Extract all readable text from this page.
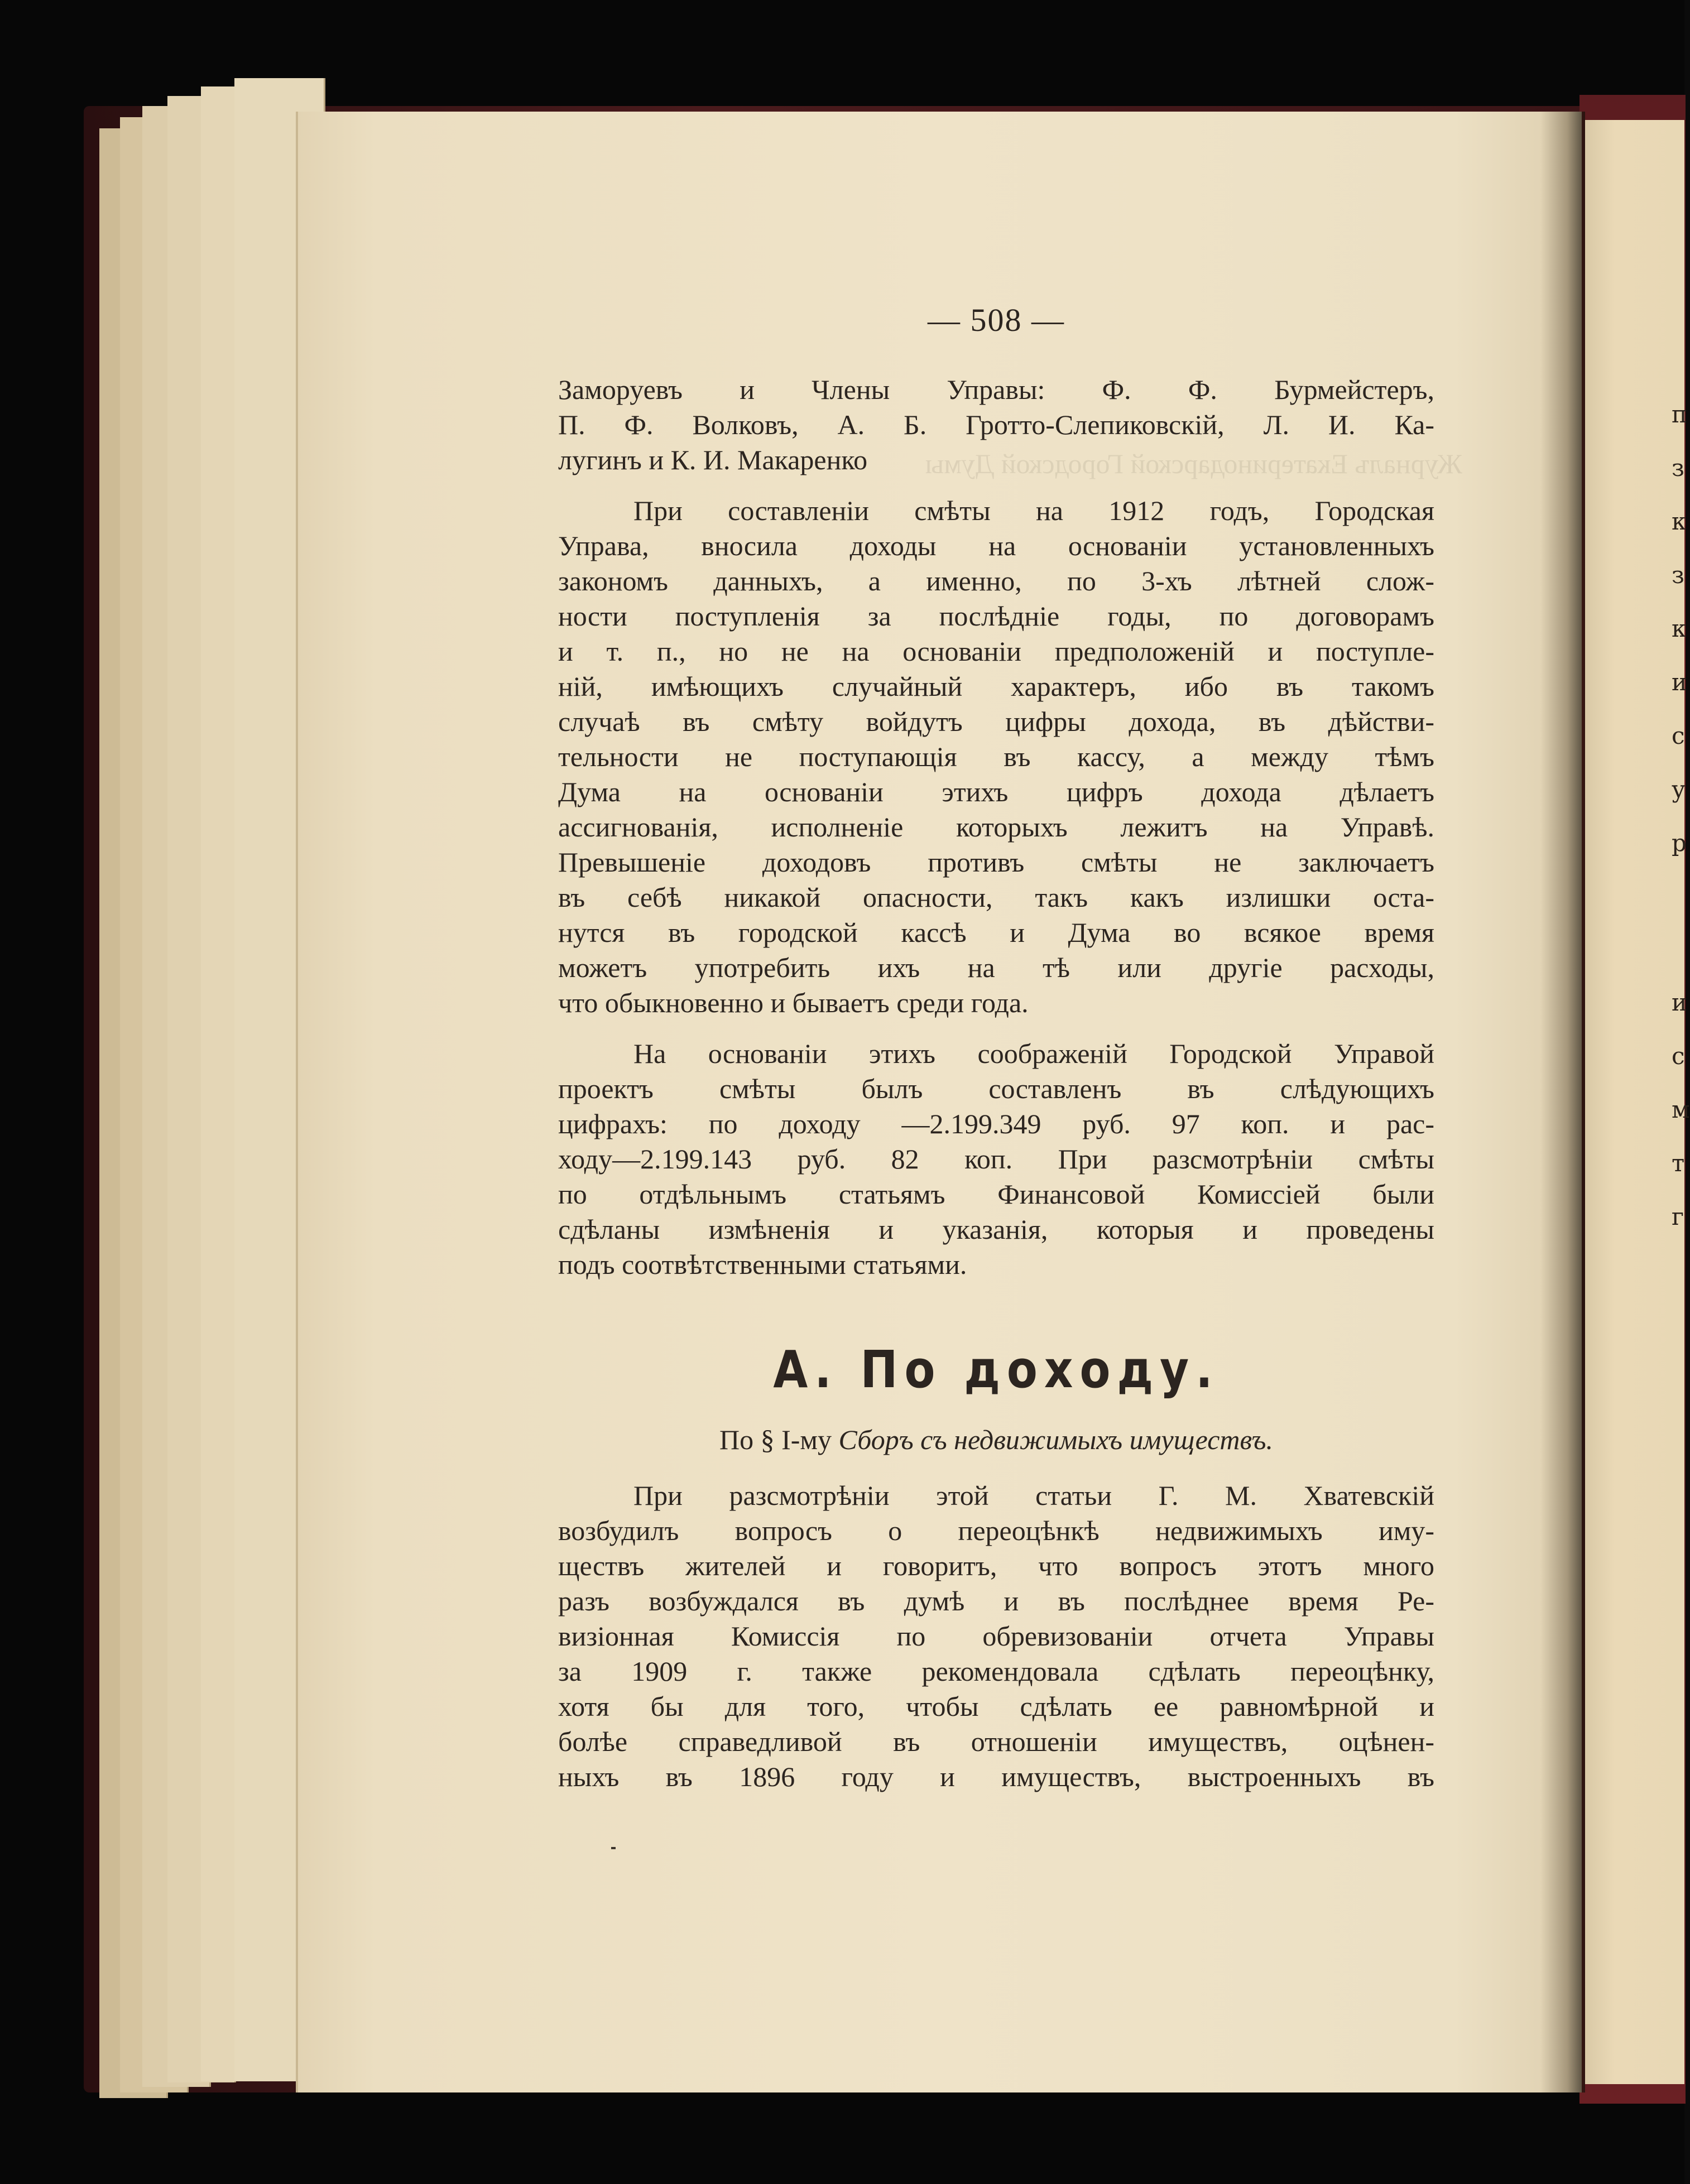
Журналъ Екатеринодарской Городской Думы
п
з
к
з
к
и
с
у
р
и
с
м
т
г
— 508 —
Заморуевъ и Члены Управы: Ф. Ф. Бурмейстеръ,
П. Ф. Волковъ, А. Б. Гротто-Слепиковскiй, Л. И. Ка-
лугинъ и К. И. Макаренко
При составленiи смѣты на 1912 годъ, Городская
Управа, вносила доходы на основанiи установленныхъ
закономъ данныхъ, а именно, по 3-хъ лѣтней слож-
ности поступленiя за послѣднiе годы, по договорамъ
и т. п., но не на основанiи предположенiй и поступле-
нiй, имѣющихъ случайный характеръ, ибо въ такомъ
случаѣ въ смѣту войдутъ цифры дохода, въ дѣйстви-
тельности не поступающiя въ кассу, а между тѣмъ
Дума на основанiи этихъ цифръ дохода дѣлаетъ
ассигнованiя, исполненiе которыхъ лежитъ на Управѣ.
Превышенiе доходовъ противъ смѣты не заключаетъ
въ себѣ никакой опасности, такъ какъ излишки оста-
нутся въ городской кассѣ и Дума во всякое время
можетъ употребить ихъ на тѣ или другiе расходы,
что обыкновенно и бываетъ среди года.
На основанiи этихъ соображенiй Городской Управой
проектъ смѣты былъ составленъ въ слѣдующихъ
цифрахъ: по доходу —2.199.349 руб. 97 коп. и рас-
ходу—2.199.143 руб. 82 коп. При разсмотрѣнiи смѣты
по отдѣльнымъ статьямъ Финансовой Комиссiей были
сдѣланы измѣненiя и указанiя, которыя и проведены
подъ соотвѣтственными статьями.
А. По доходу.
По § I-му Сборъ съ недвижимыхъ имуществъ.
При разсмотрѣнiи этой статьи Г. М. Хватевскiй
возбудилъ вопросъ о переоцѣнкѣ недвижимыхъ иму-
ществъ жителей и говоритъ, что вопросъ этотъ много
разъ возбуждался въ думѣ и въ послѣднее время Ре-
визiонная Комиссiя по обревизованiи отчета Управы
за 1909 г. также рекомендовала сдѣлать переоцѣнку,
хотя бы для того, чтобы сдѣлать ее равномѣрной и
болѣе справедливой въ отношенiи имуществъ, оцѣнен-
ныхъ въ 1896 году и имуществъ, выстроенныхъ въ
